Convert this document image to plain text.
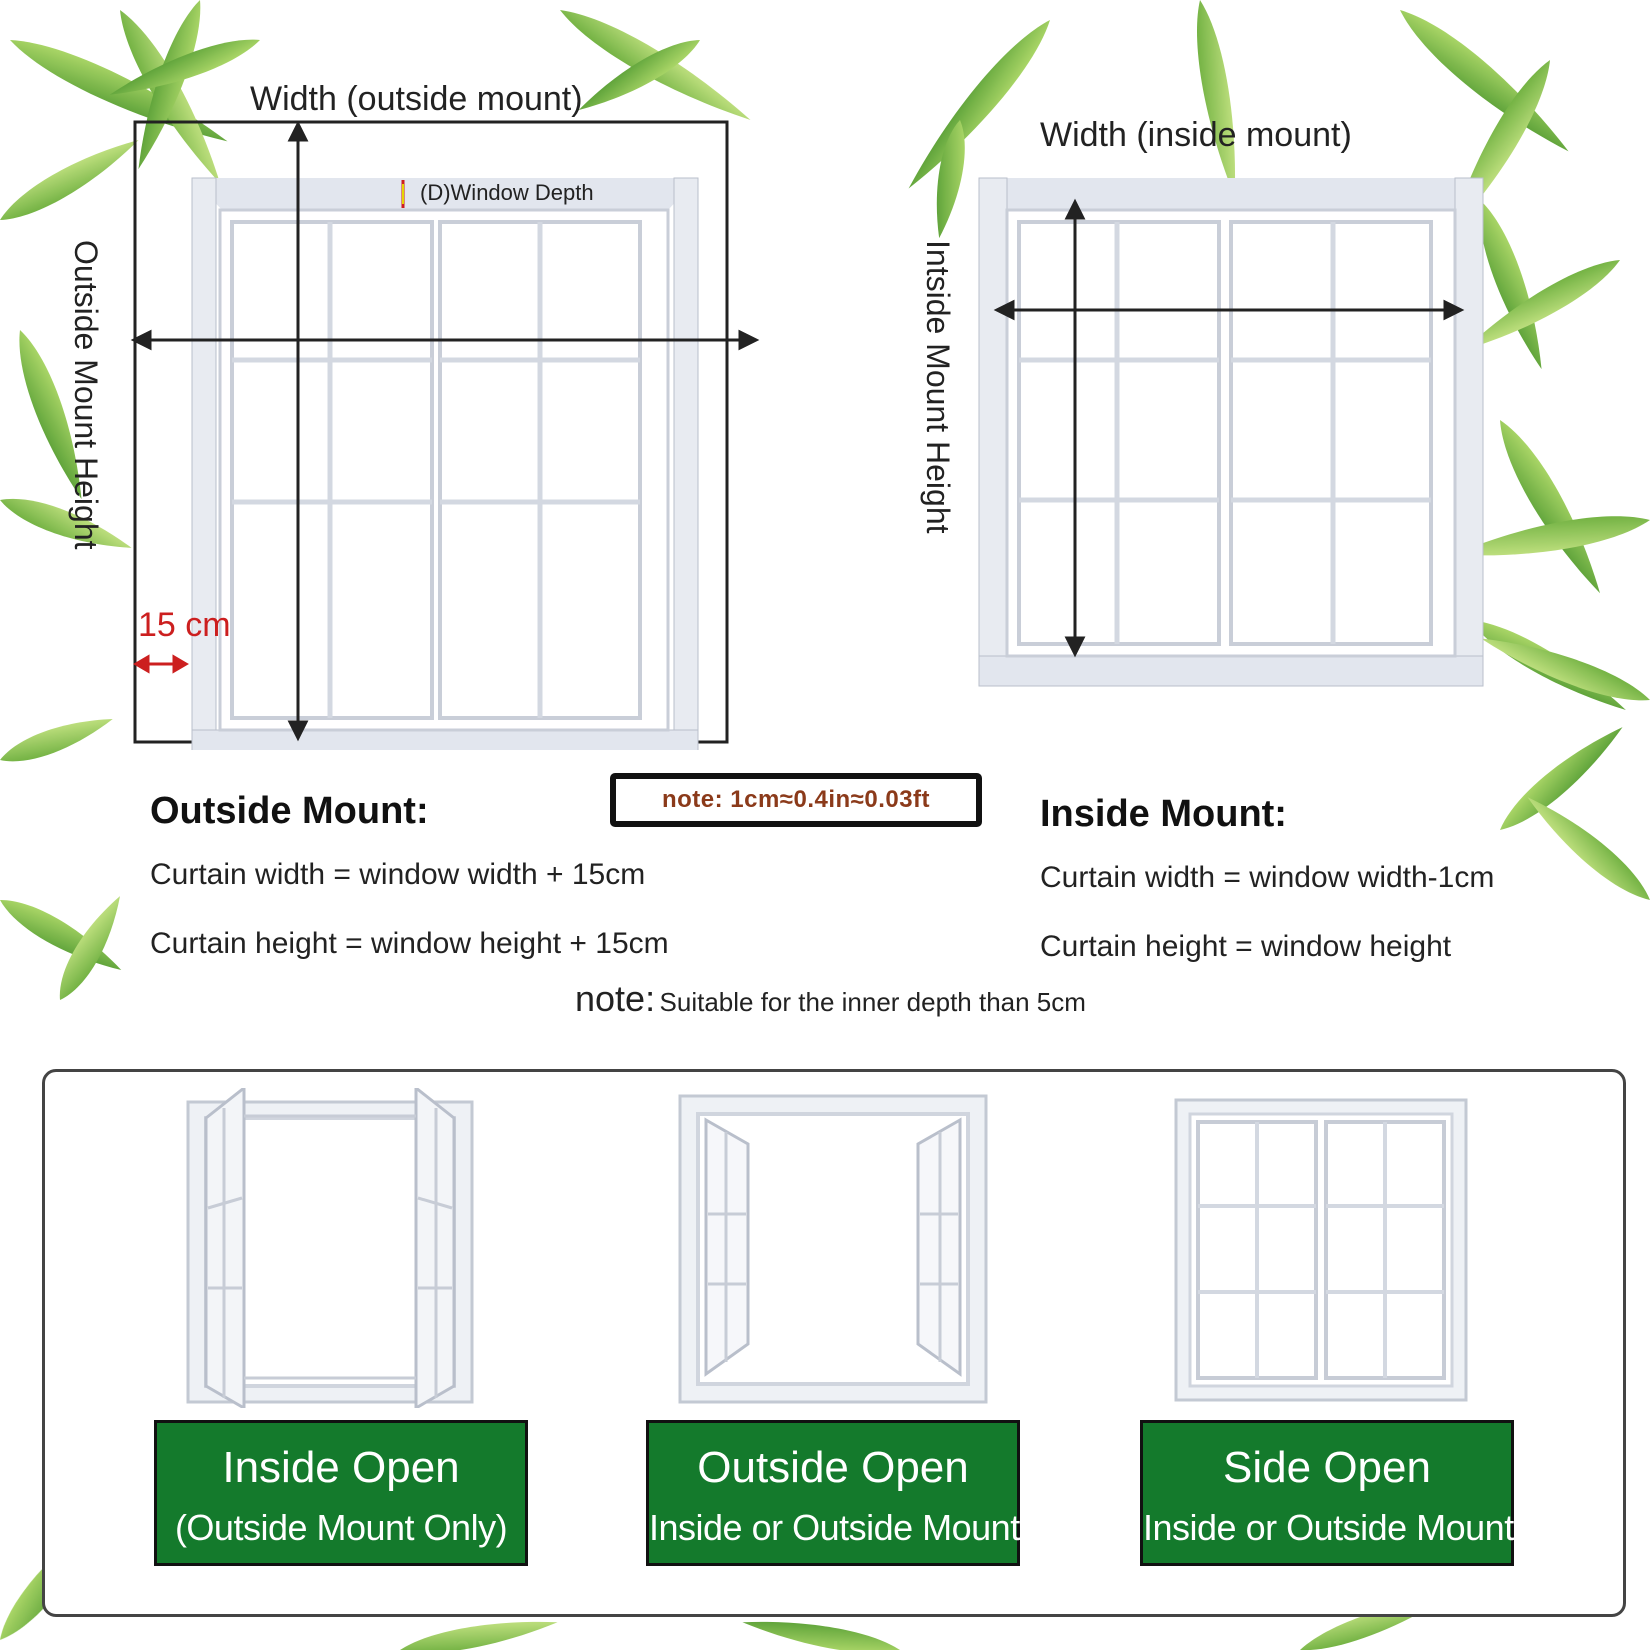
Width (outside mount)
(D)Window Depth
15 cm
Outside Mount Height
Width (inside mount)
Intside Mount Height
Outside Mount:	note: 1cm≈0.4in≈0.03ft	Inside Mount:
Curtain width = window width + 15cm
Curtain height = window height + 15cm
Curtain width = window width-1cm
Curtain height = window height
note: Suitable for the inner depth than 5cm
Inside Open
(Outside Mount Only)
Outside Open
Inside or Outside Mount
Side Open
Inside or Outside Mount
